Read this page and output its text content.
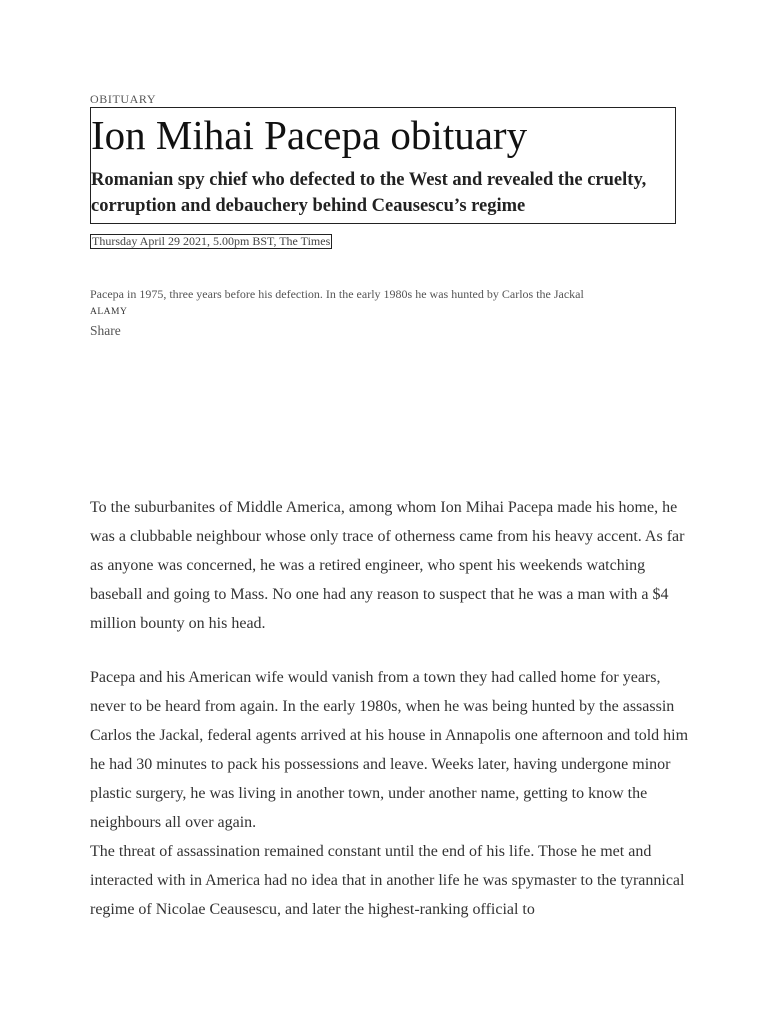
OBITUARY
Ion Mihai Pacepa obituary

Romanian spy chief who defected to the West and revealed the cruelty, corruption and debauchery behind Ceausescu’s regime

Thursday April 29 2021, 5.00pm BST, The Times
Pacepa in 1975, three years before his defection. In the early 1980s he was hunted by Carlos the Jackal
ALAMY
Share

To the suburbanites of Middle America, among whom Ion Mihai Pacepa made his home, he was a clubbable neighbour whose only trace of otherness came from his heavy accent. As far as anyone was concerned, he was a retired engineer, who spent his weekends watching baseball and going to Mass. No one had any reason to suspect that he was a man with a $4 million bounty on his head.

Pacepa and his American wife would vanish from a town they had called home for years, never to be heard from again. In the early 1980s, when he was being hunted by the assassin Carlos the Jackal, federal agents arrived at his house in Annapolis one afternoon and told him he had 30 minutes to pack his possessions and leave. Weeks later, having undergone minor plastic surgery, he was living in another town, under another name, getting to know the neighbours all over again.

The threat of assassination remained constant until the end of his life. Those he met and interacted with in America had no idea that in another life he was spymaster to the tyrannical regime of Nicolae Ceausescu, and later the highest-ranking official to
